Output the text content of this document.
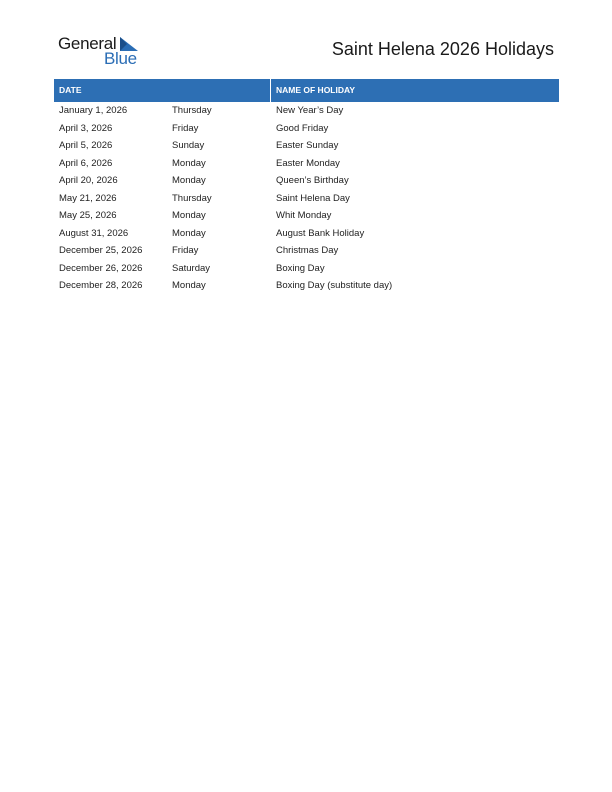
General
Blue	Saint Helena 2026 Holidays
DATE	NAME OF HOLIDAY
January 1, 2026	Thursday	New Year’s Day
April 3, 2026	Friday	Good Friday
April 5, 2026	Sunday	Easter Sunday
April 6, 2026	Monday	Easter Monday
April 20, 2026	Monday	Queen’s Birthday
May 21, 2026	Thursday	Saint Helena Day
May 25, 2026	Monday	Whit Monday
August 31, 2026	Monday	August Bank Holiday
December 25, 2026	Friday	Christmas Day
December 26, 2026	Saturday	Boxing Day
December 28, 2026	Monday	Boxing Day (substitute day)
